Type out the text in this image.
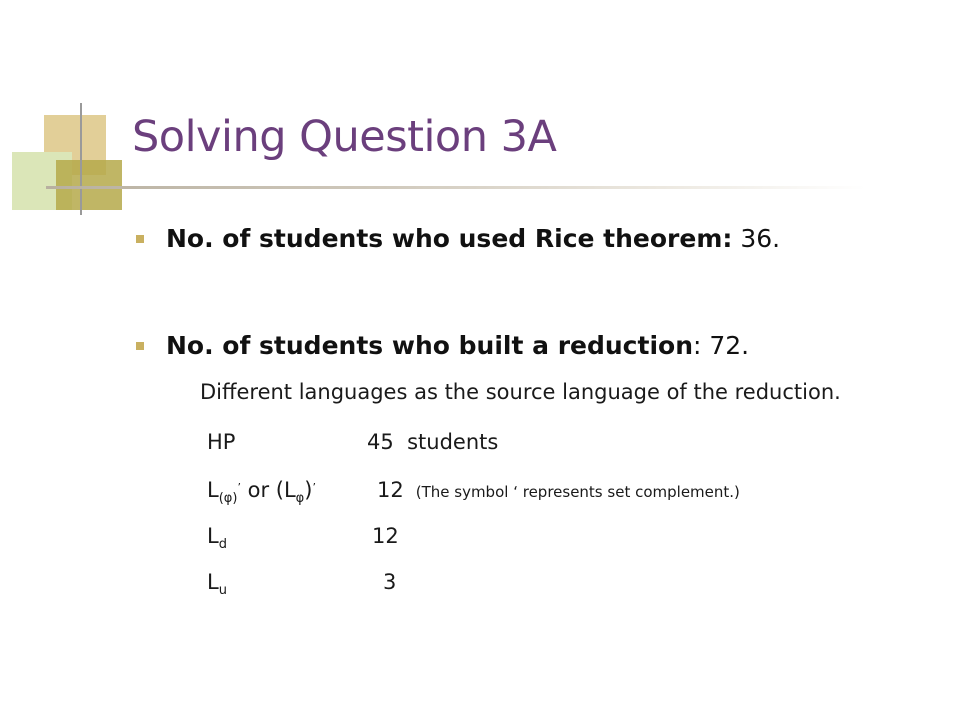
Solving Question 3A
No. of students who used Rice theorem: 36.
No. of students who built a reduction: 72.
Different languages as the source language of the reduction.
HP	45 students
$L_{(\varphi)}^’$ or $(L_\varphi)^’$	12 (The symbol ‘ represents set complement.)
$L_d$	12
$L_u$	3
